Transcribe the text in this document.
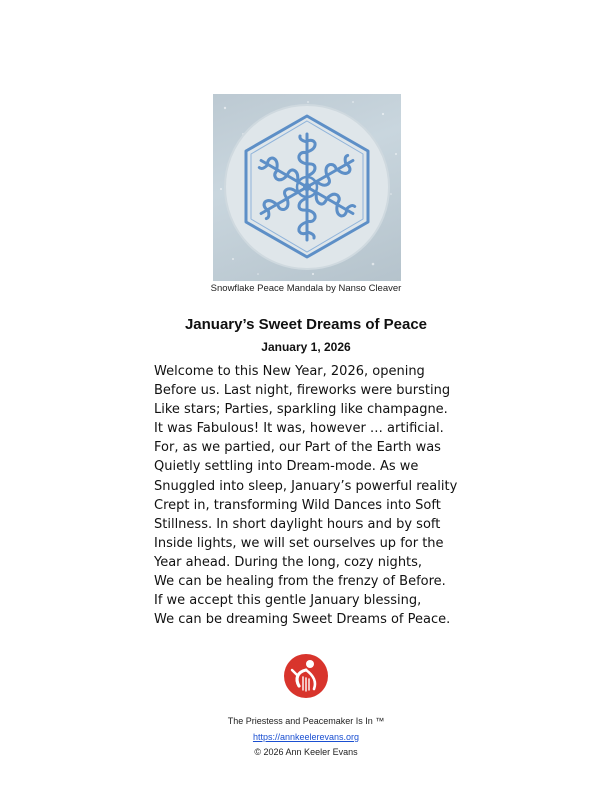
Snowflake Peace Mandala by Nanso Cleaver
January’s Sweet Dreams of Peace
January 1, 2026
Welcome to this New Year, 2026, opening
Before us. Last night, fireworks were bursting
Like stars; Parties, sparkling like champagne.
It was Fabulous! It was, however … artificial.
For, as we partied, our Part of the Earth was
Quietly settling into Dream-mode. As we
Snuggled into sleep, January’s powerful reality
Crept in, transforming Wild Dances into Soft
Stillness. In short daylight hours and by soft
Inside lights, we will set ourselves up for the
Year ahead. During the long, cozy nights,
We can be healing from the frenzy of Before.
If we accept this gentle January blessing,
We can be dreaming Sweet Dreams of Peace.
The Priestess and Peacemaker Is In ™
https://annkeelerevans.org
© 2026 Ann Keeler Evans
